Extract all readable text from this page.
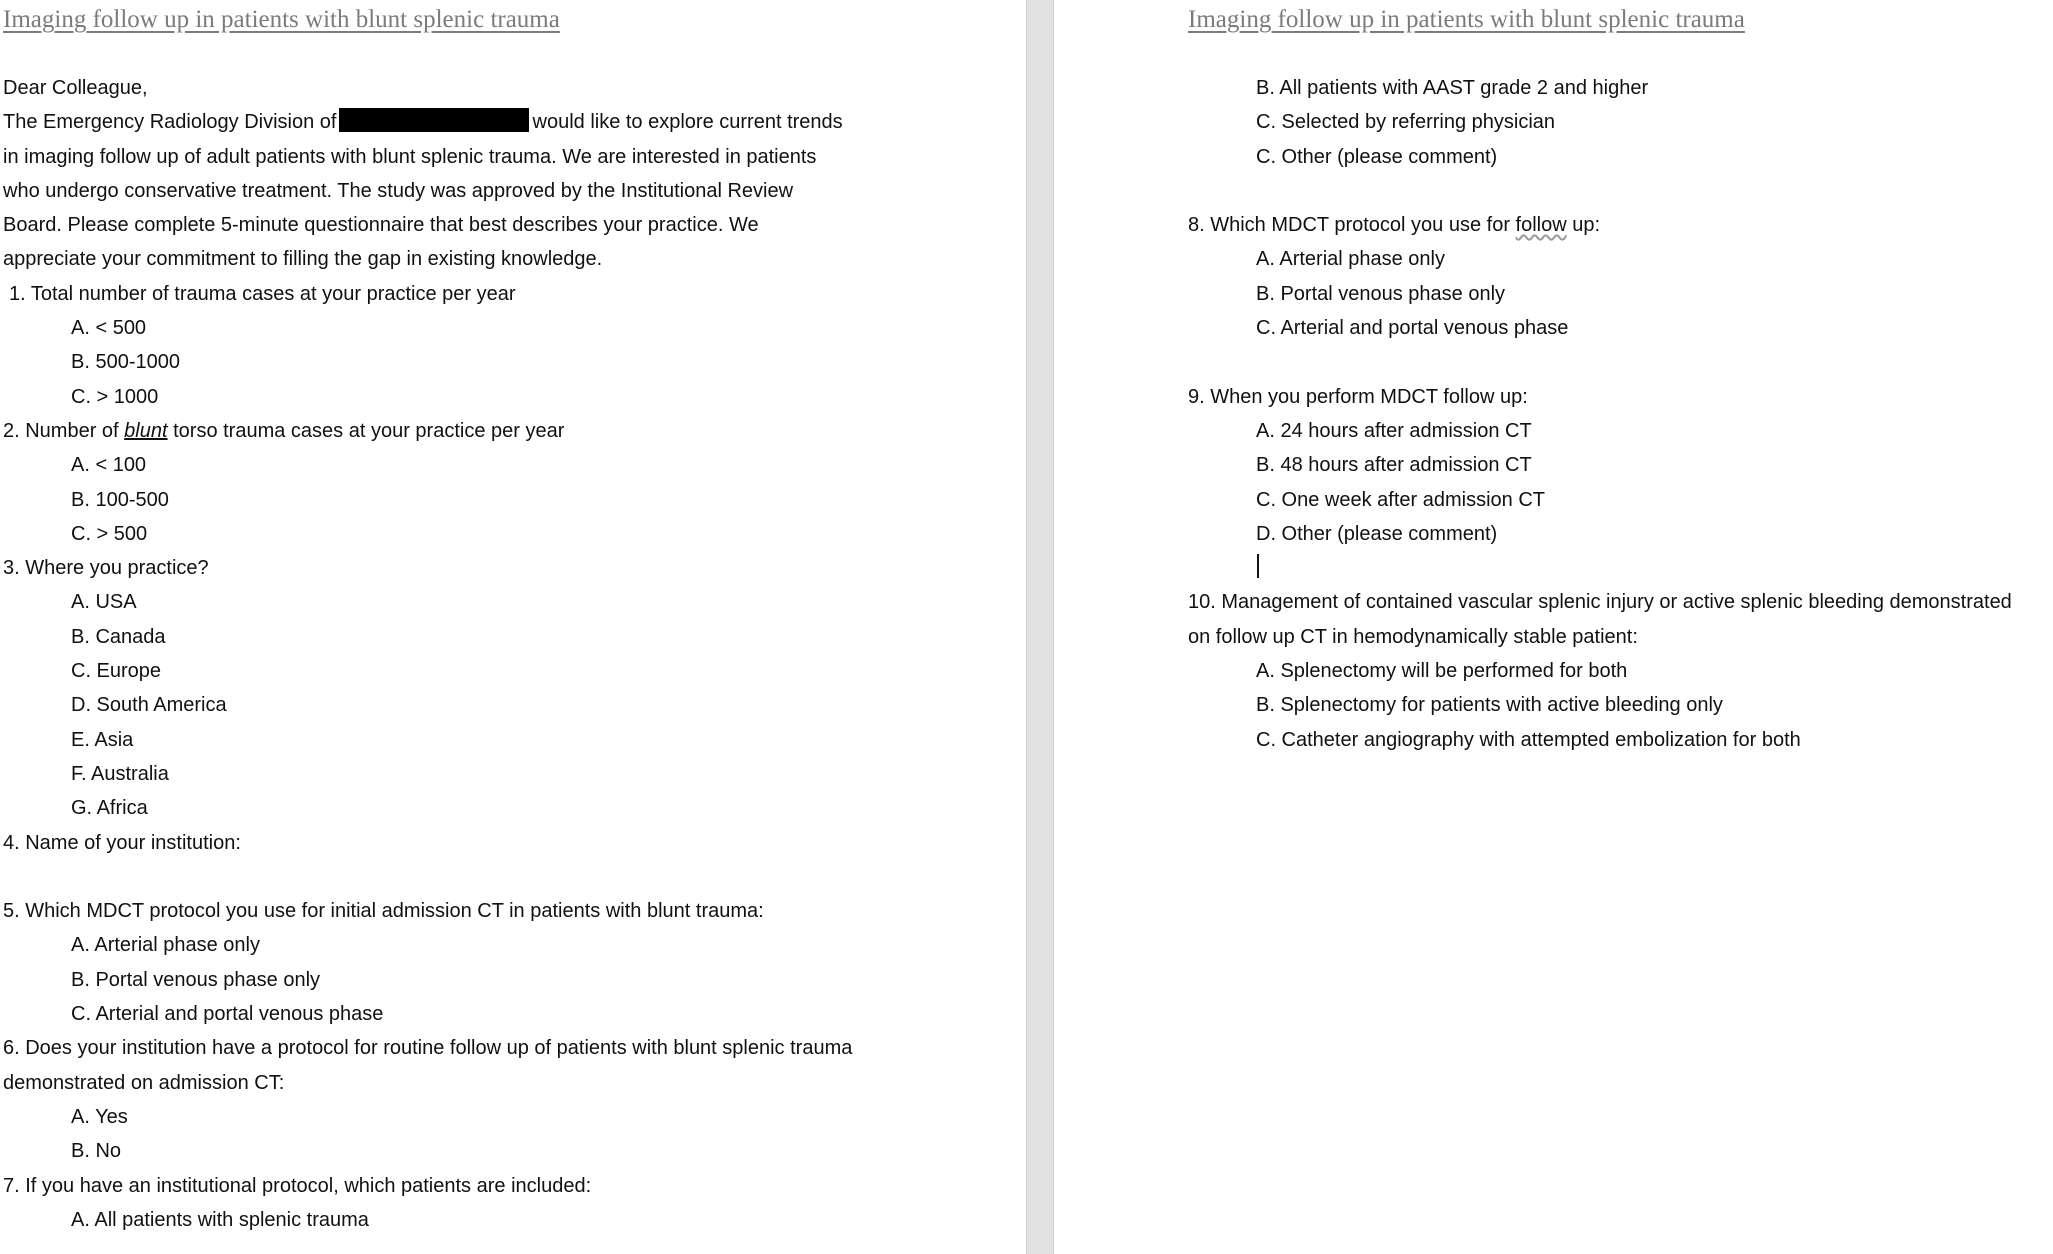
Imaging follow up in patients with blunt splenic trauma
Dear Colleague,
The Emergency Radiology Division of	would like to explore current trends
in imaging follow up of adult patients with blunt splenic trauma. We are interested in patients
who undergo conservative treatment. The study was approved by the Institutional Review
Board. Please complete 5-minute questionnaire that best describes your practice. We
appreciate your commitment to filling the gap in existing knowledge.
1. Total number of trauma cases at your practice per year
A. < 500
B. 500-1000
C. > 1000
2. Number of blunt torso trauma cases at your practice per year
A. < 100
B. 100-500
C. > 500
3. Where you practice?
A. USA
B. Canada
C. Europe
D. South America
E. Asia
F. Australia
G. Africa
4. Name of your institution:
5. Which MDCT protocol you use for initial admission CT in patients with blunt trauma:
A. Arterial phase only
B. Portal venous phase only
C. Arterial and portal venous phase
6. Does your institution have a protocol for routine follow up of patients with blunt splenic trauma
demonstrated on admission CT:
A. Yes
B. No
7. If you have an institutional protocol, which patients are included:
A. All patients with splenic trauma
Imaging follow up in patients with blunt splenic trauma
B. All patients with AAST grade 2 and higher
C. Selected by referring physician
C. Other (please comment)
8. Which MDCT protocol you use for follow up:
A. Arterial phase only
B. Portal venous phase only
C. Arterial and portal venous phase
9. When you perform MDCT follow up:
A. 24 hours after admission CT
B. 48 hours after admission CT
C. One week after admission CT
D. Other (please comment)
10. Management of contained vascular splenic injury or active splenic bleeding demonstrated
on follow up CT in hemodynamically stable patient:
A. Splenectomy will be performed for both
B. Splenectomy for patients with active bleeding only
C. Catheter angiography with attempted embolization for both
